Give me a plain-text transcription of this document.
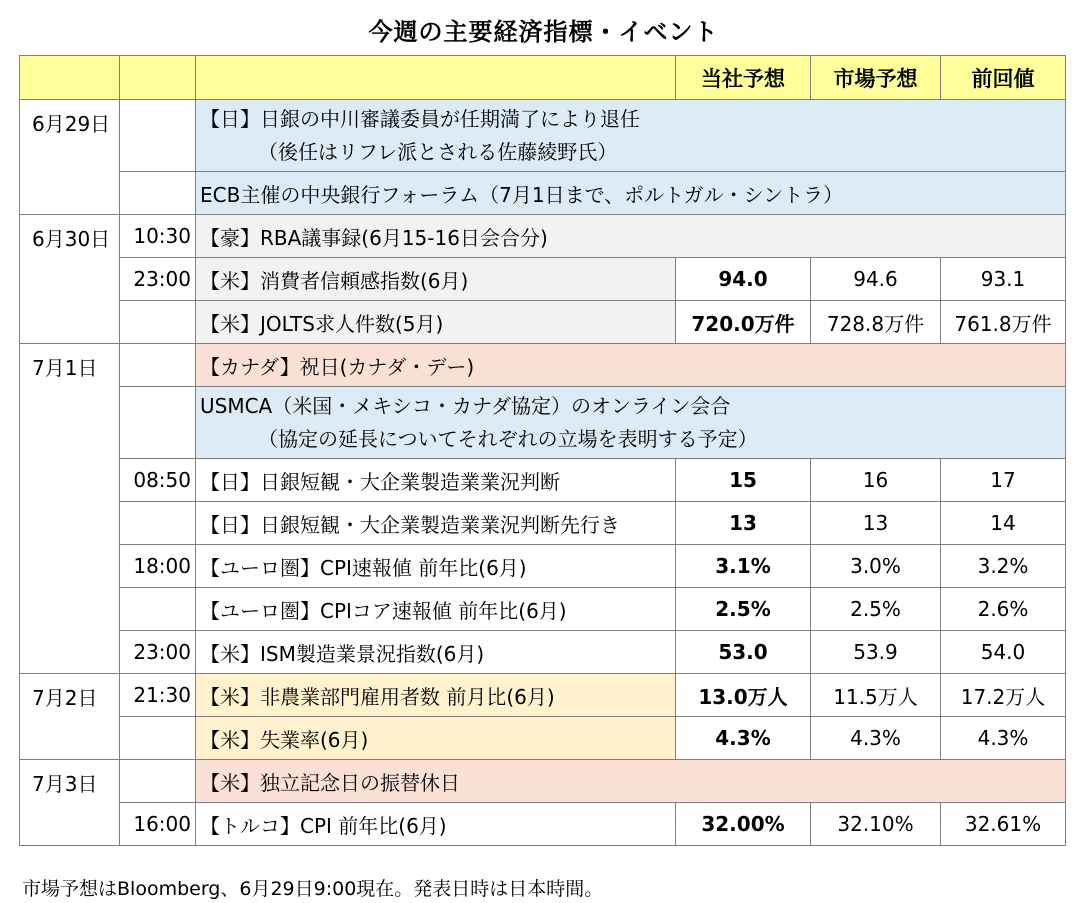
今週の主要経済指標・イベント
			当社予想	市場予想	前回値
6月29日		【日】日銀の中川審議委員が任期満了により退任
（後任はリフレ派とされる佐藤綾野氏）			

		ECB主催の中央銀行フォーラム（7月1日まで、ポルトガル・シントラ）			
6月30日	10:30	【豪】RBA議事録(6月15-16日会合分)			
	23:00	【米】消費者信頼感指数(6月)	94.0	94.6	93.1
		【米】JOLTS求人件数(5月)	720.0万件	728.8万件	761.8万件
7月1日		【カナダ】祝日(カナダ・デー)			

		USMCA（米国・メキシコ・カナダ協定）のオンライン会合
（協定の延長についてそれぞれの立場を表明する予定）			

	08:50	【日】日銀短観・大企業製造業業況判断	15	16	17
		【日】日銀短観・大企業製造業業況判断先行き	13	13	14
	18:00	【ユーロ圏】CPI速報値 前年比(6月)	3.1%	3.0%	3.2%
		【ユーロ圏】CPIコア速報値 前年比(6月)	2.5%	2.5%	2.6%
	23:00	【米】ISM製造業景況指数(6月)	53.0	53.9	54.0
7月2日	21:30	【米】非農業部門雇用者数 前月比(6月)	13.0万人	11.5万人	17.2万人
		【米】失業率(6月)	4.3%	4.3%	4.3%
7月3日		【米】独立記念日の振替休日			
	16:00	【トルコ】CPI 前年比(6月)	32.00%	32.10%	32.61%
市場予想はBloomberg、6月29日9:00現在。発表日時は日本時間。
